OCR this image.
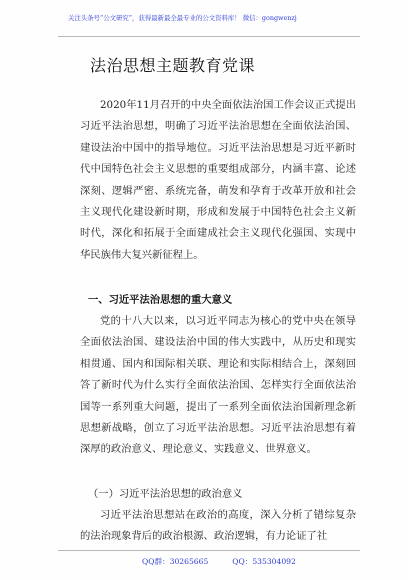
关注头条号“公文研究”，获得最新最全最专业的公文资料库！ 微信：gongwenzj
法治思想主题教育党课

2020年11月召开的中央全面依法治国工作会议正式提出习近平法治思想，明确了习近平法治思想在全面依法治国、建设法治中国中的指导地位。习近平法治思想是习近平新时代中国特色社会主义思想的重要组成部分，内涵丰富、论述深刻、逻辑严密、系统完备，萌发和孕育于改革开放和社会主义现代化建设新时期，形成和发展于中国特色社会主义新时代，深化和拓展于全面建成社会主义现代化强国、实现中华民族伟大复兴新征程上。

一、习近平法治思想的重大意义

党的十八大以来，以习近平同志为核心的党中央在领导全面依法治国、建设法治中国的伟大实践中，从历史和现实相贯通、国内和国际相关联、理论和实际相结合上，深刻回答了新时代为什么实行全面依法治国、怎样实行全面依法治国等一系列重大问题，提出了一系列全面依法治国新理念新思想新战略，创立了习近平法治思想。习近平法治思想有着深厚的政治意义、理论意义、实践意义、世界意义。

（一）习近平法治思想的政治意义

习近平法治思想站在政治的高度，深入分析了错综复杂的法治现象背后的政治根源、政治逻辑，有力论证了社

QQ群：30265665	QQ：535304092
